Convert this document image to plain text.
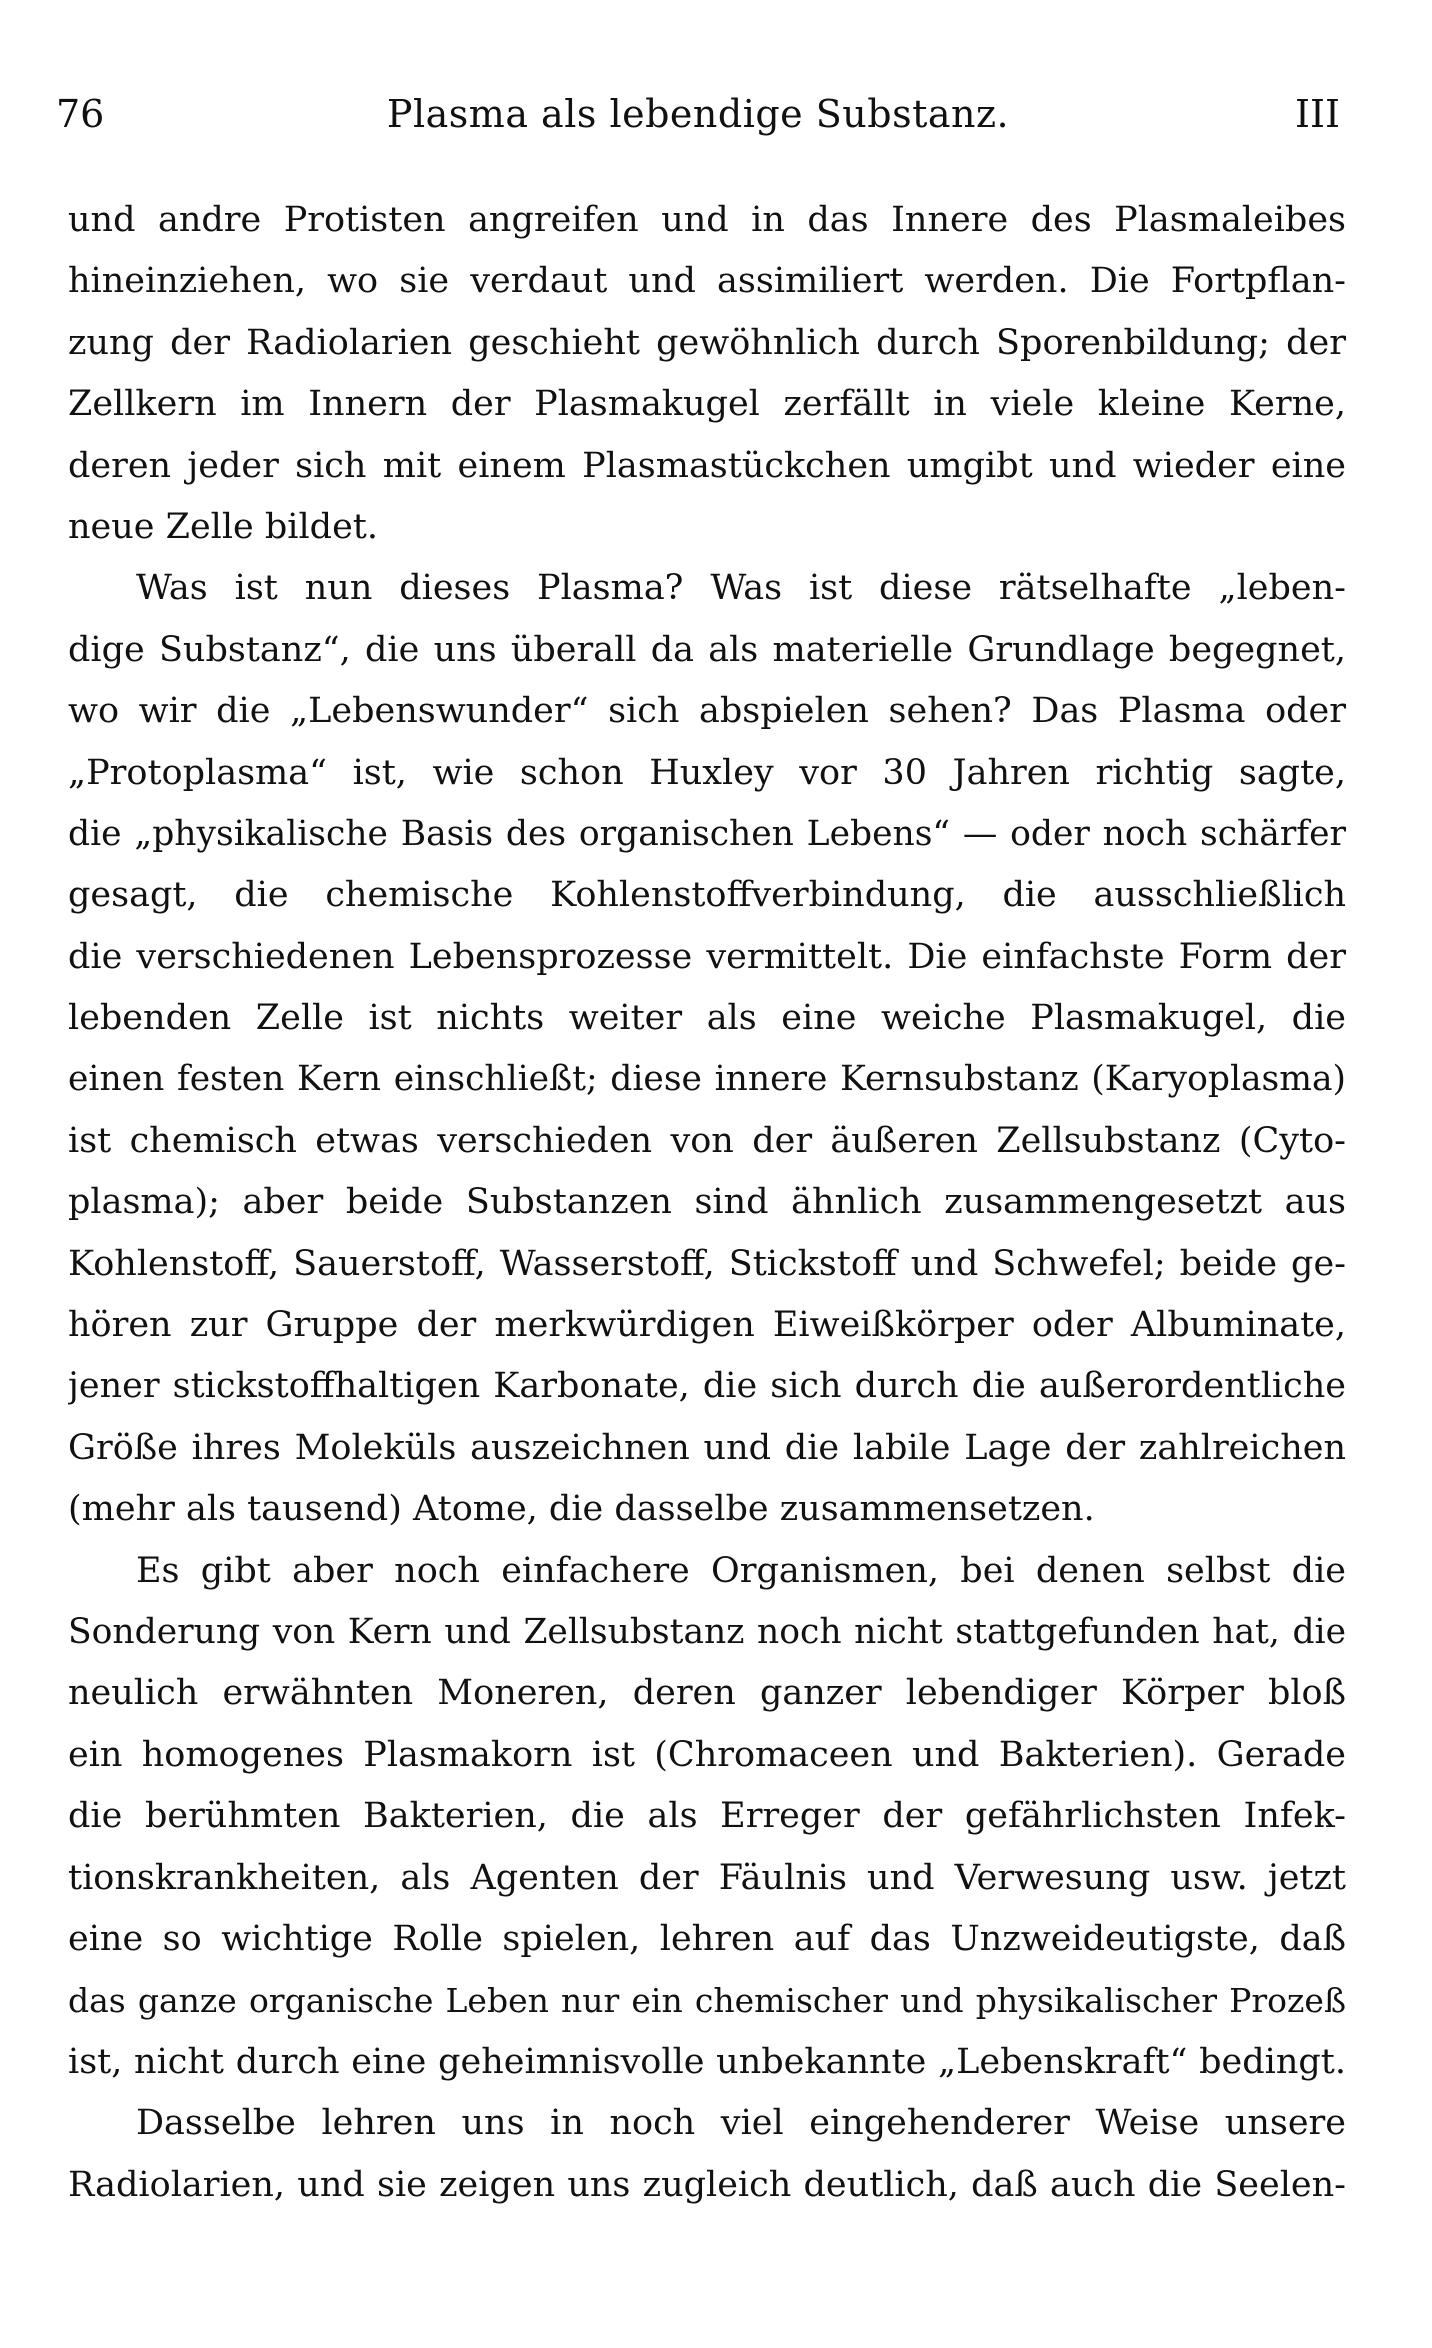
76	Plasma als lebendige Substanz.	III
und andre Protisten angreifen und in das Innere des Plasmaleibes
hineinziehen, wo sie verdaut und assimiliert werden. Die Fortpflan-
zung der Radiolarien geschieht gewöhnlich durch Sporenbildung; der
Zellkern im Innern der Plasmakugel zerfällt in viele kleine Kerne,
deren jeder sich mit einem Plasmastückchen umgibt und wieder eine
neue Zelle bildet.
Was ist nun dieses Plasma? Was ist diese rätselhafte „leben-
dige Substanz“, die uns überall da als materielle Grundlage begegnet,
wo wir die „Lebenswunder“ sich abspielen sehen? Das Plasma oder
„Protoplasma“ ist, wie schon Huxley vor 30 Jahren richtig sagte,
die „physikalische Basis des organischen Lebens“ — oder noch schärfer
gesagt, die chemische Kohlenstoffverbindung, die ausschließlich
die verschiedenen Lebensprozesse vermittelt. Die einfachste Form der
lebenden Zelle ist nichts weiter als eine weiche Plasmakugel, die
einen festen Kern einschließt; diese innere Kernsubstanz (Karyoplasma)
ist chemisch etwas verschieden von der äußeren Zellsubstanz (Cyto-
plasma); aber beide Substanzen sind ähnlich zusammengesetzt aus
Kohlenstoff, Sauerstoff, Wasserstoff, Stickstoff und Schwefel; beide ge-
hören zur Gruppe der merkwürdigen Eiweißkörper oder Albuminate,
jener stickstoffhaltigen Karbonate, die sich durch die außerordentliche
Größe ihres Moleküls auszeichnen und die labile Lage der zahlreichen
(mehr als tausend) Atome, die dasselbe zusammensetzen.
Es gibt aber noch einfachere Organismen, bei denen selbst die
Sonderung von Kern und Zellsubstanz noch nicht stattgefunden hat, die
neulich erwähnten Moneren, deren ganzer lebendiger Körper bloß
ein homogenes Plasmakorn ist (Chromaceen und Bakterien). Gerade
die berühmten Bakterien, die als Erreger der gefährlichsten Infek-
tionskrankheiten, als Agenten der Fäulnis und Verwesung usw. jetzt
eine so wichtige Rolle spielen, lehren auf das Unzweideutigste, daß
das ganze organische Leben nur ein chemischer und physikalischer Prozeß
ist, nicht durch eine geheimnisvolle unbekannte „Lebenskraft“ bedingt.
Dasselbe lehren uns in noch viel eingehenderer Weise unsere
Radiolarien, und sie zeigen uns zugleich deutlich, daß auch die Seelen-
